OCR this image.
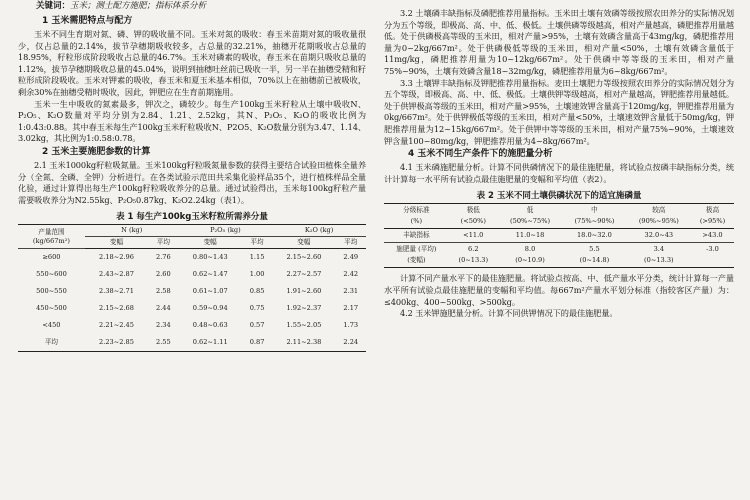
关键词：玉米；测土配方施肥；指标体系分析
1 玉米需肥特点与配方

玉米不同生育期对氮、磷、钾的吸收量不同。玉米对氮的吸收：春玉米苗期对氮的吸收量很少，仅占总量的2.14%，拔节孕穗期吸收较多，占总量的32.21%，抽穗开花期吸收占总量的18.95%，籽粒形成阶段吸收占总量的46.7%。玉米对磷素的吸收，春玉米在苗期只吸收总量的1.12%，拔节孕穗期吸收总量的45.04%，说明到抽穗吐丝前已吸收一半，另一半在抽穗受精和籽粒形成阶段吸收。玉米对钾素的吸收，春玉米和夏玉米基本相似，70%以上在抽穗前已被吸收，剩余30%在抽穗受精时吸收，因此，钾肥应在生育前期施用。

玉米一生中吸收的氮素最多，钾次之，磷较少。每生产100kg玉米籽粒从土壤中吸收N、P₂O₅、K₂O数量对平均分别为2.84、1.21、2.52kg，其N、P₂O₅、K₂O的吸收比例为1:0.43:0.88。其中春玉米每生产100kg玉米籽粒吸收N、P2O5、K₂O数量分别为3.47、1.14、3.02kg，其比例为1:0.58:0.78。

2 玉米主要施肥参数的计算

2.1 玉米1000kg籽粒吸氮量。玉米100kg籽粒吸氮量参数的获得主要结合试验田植株全量养分（全氮、全磷、全钾）分析进行。在各类试验示范田共采集化验样品35个，进行植株样品全量化验，通过计算得出每生产100kg籽粒吸收养分的总量。通过试验得出，玉米每100kg籽粒产量需要吸收养分为N2.55kg、P₂O₅0.87kg、K₂O2.24kg（表1）。

表 1 每生产100kg玉米籽粒所需养分量
产量范围
(kg/667m²)	N (kg)		P₂O₅ (kg)		K₂O (kg)	
	变幅	平均	变幅	平均	变幅	平均
≥600	2.18~2.96	2.76	0.80~1.43	1.15	2.15~2.60	2.49
550~600	2.43~2.87	2.60	0.62~1.47	1.00	2.27~2.57	2.42
500~550	2.38~2.71	2.58	0.61~1.07	0.85	1.91~2.60	2.31
450~500	2.15~2.68	2.44	0.59~0.94	0.75	1.92~2.37	2.17
<450	2.21~2.45	2.34	0.48~0.63	0.57	1.55~2.05	1.73
平均	2.23~2.85	2.55	0.62~1.11	0.87	2.11~2.38	2.24

3.2 土壤磷丰缺指标及磷肥推荐用量指标。玉米田土壤有效磷等级按照农田养分的实际情况划分为五个等级，即极高、高、中、低、极低。土壤供磷等级越高，相对产量越高，磷肥推荐用量越低。处于供磷极高等级的玉米田，相对产量>95%，土壤有效磷含量高于43mg/kg，磷肥推荐用量为0~2kg/667m²。处于供磷极低等级的玉米田，相对产量<50%，土壤有效磷含量低于11mg/kg，磷肥推荐用量为10~12kg/667m²。处于供磷中等等级的玉米田，相对产量75%~90%，土壤有效磷含量18~32mg/kg，磷肥推荐用量为6~8kg/667m²。

3.3 土壤钾丰缺指标及钾肥推荐用量指标。麦田土壤肥力等级按照农田养分的实际情况划分为五个等级，即极高、高、中、低、极低。土壤供钾等级越高，相对产量越高，钾肥推荐用量越低。处于供钾极高等级的玉米田，相对产量>95%，土壤速效钾含量高于120mg/kg，钾肥推荐用量为0kg/667m²。处于供钾极低等级的玉米田，相对产量<50%，土壤速效钾含量低于50mg/kg，钾肥推荐用量为12~15kg/667m²。处于供钾中等等级的玉米田，相对产量75%~90%，土壤速效钾含量100~80mg/kg，钾肥推荐用量为4~8kg/667m²。

4 玉米不同生产条件下的施肥量分析

4.1 玉米磷施肥量分析。计算不同供磷情况下的最佳施肥量，将试验点按磷丰缺指标分类，统计计算每一水平所有试验点最佳施肥量的变幅和平均值（表2）。

表 2 玉米不同土壤供磷状况下的适宜施磷量
分级标准	极低	低	中	较高	极高
(%)	(<50%)	(50%~75%)	(75%~90%)	(90%~95%)	(>95%)
丰缺指标	<11.0	11.0~18	18.0~32.0	32.0~43	>43.0
施肥量 (平均)	6.2	8.0	5.5	3.4	-3.0
(变幅)	(0~13.3)	(0~10.9)	(0~14.8)	(0~13.3)	

计算不同产量水平下的最佳施肥量。将试验点按高、中、低产量水平分类，统计计算每一产量水平所有试验点最佳施肥量的变幅和平均值。每667m²产量水平划分标准（指较客区产量）为：≤400kg、400~500kg、>500kg。

4.2 玉米钾施肥量分析。计算不同供钾情况下的最佳施肥量。
